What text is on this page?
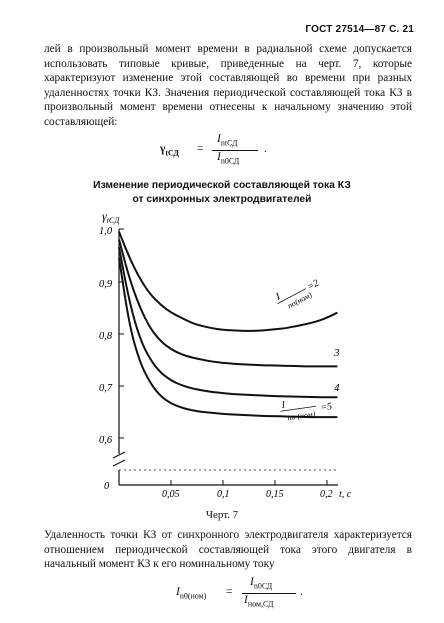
ГОСТ 27514—87 С. 21
лей в произвольный момент времени в радиальной схеме допускается использовать типовые кривые, приведенные на черт. 7, которые характеризуют изменение этой составляющей во времени при разных удаленностях точки КЗ. Значения периодической составляющей тока КЗ в произвольный момент времени отнесены к начальному значению этой составляющей:
$\gamma_{tСД}$ =
$I_{ntСД}$
$I_{n0СД}$
.
Изменение периодической составляющей тока КЗ
от синхронных электродвигателей
$\gamma_{tСД}$
1,0
0,9
0,8
0,7
0,6
0
0,05	0,1	0,15	0,2 t, c
I по(ном)
=2
3
4
I
по (ном)
=5
Черт. 7
Удаленность точки КЗ от синхронного электродвигателя характеризуется отношением периодической составляющей тока этого двигателя в начальный момент КЗ к его номинальному току
$I_{n0(ном)}$ =
$I_{n0СД}$
$I_{ном,СД}$
.
